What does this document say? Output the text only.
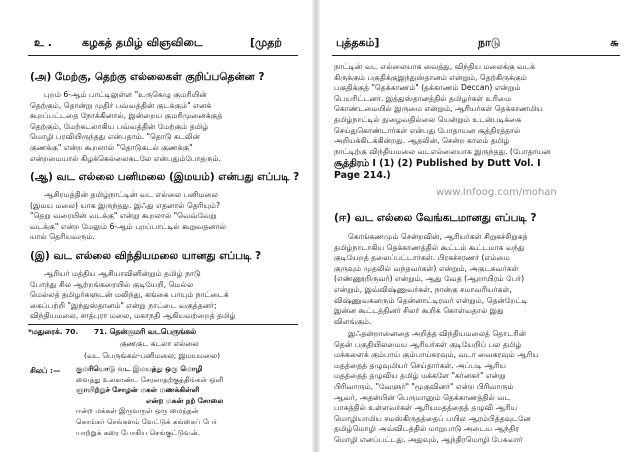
உ .	கழகத் தமிழ் விஞவிடை	[முதற்
(அ) மேற்கு, தெற்கு எல்லைகள் குறிப்பதென்ன ?
புறம் 6-ஆம் பாட்டிலுள்ள "உருகெழு குமரியின்
தெற்கும், தொன்று முதிர் பவ்வத்தின் குடக்கும்" எனக்
கூறப்பட்டதை நோக்கினால், இன்றைய குமரிமுனைக்குத்
தெற்கும், மேற்கடலாகிய பவ்வத்தின் மேற்கும் தமிழ்
மொழி பரவியிருந்தது என்பதாம். "தொடு கடலின்
குணக்கு" என்ற கூறலால் "தொடுகடல் குணக்கு"
என்றமையால் கிழக்கெல்லைகடலே என்பதும்போதரும்.
(ஆ) வட எல்லை பனிமலை (இமயம்) என்பது எப்படி ?
ஆசிரமத்தின் தமிழ்நாட்டின் வட எல்லை பனிமலை
(இமய மலை) யாக இருந்தது. இஃது எதனால் தெரியும்?
"தெறு வரையின் வடக்கு" என்று கூறலால் "வெவ்வேறு
வடக்கு" என்ற மேலும் 6-ஆம் புறப்பாட்டில் கூறுவதனால்
யால் தெரியவரும்.
(இ) வட எல்லை விந்தியமலை யானது எப்படி ?
ஆரியர் மத்திய ஆசியாவினின்றும் தமிழ் நாடு
போந்து சில ஆற்றங்கரையில் குடியேறி, மெல்ல
மெல்லத் தமிழர்களுடன் மலிந்து, கங்கை பாயும் நாட்டைக்
கைப்பற்றி "இந்துஸ்தானம்" என்று நாட்டை வகுத்தனர்;
விந்தியமலை, சாத்புரா மலை, மகாநதி ஆகியவற்றைத் தமிழ்
*மதுரைக். 70. 71. தென்குமரி வடபெருங்கல்
குணகுட கடலா எல்லை
(வட பெருங்கல்-பனிமலை; இமயமலை)
சிலப் :— குமரியொடு வட இமயத்து ஒரு மொழி
வைத்து உலகாண்ட சேரலாதற்குத்திங்கள் ஒளி
ஞாயிற்றுச் சோழன் மகள் மணக்கிள்ளி
என்ற மகன் நற் சோலை
ஈன்ற மக்கள் இருவருள் ஒரு மைந்தன்
கொங்கர் செங்களம் வேட்டுக் கங்கைப் பேர்
யாற்றுக் கரை போகிய செங்குட்டுவன்.
புத்தகம்]	நாடு	௬
நாட்டின் வட எல்லையாக வைத்து, விந்திய மலைக்கு வடக்
கிருக்கும் பகுதிக்குஇந்துஸ்தானம் என்றும், தெற்கிருக்கும்
பகுதிக்குத் "தெக்காணம்" (தக்காணம் Deccan) என்றும்
பெயரிட்டனர். இத்துஸ்தானத்தில் தமிழர்கள் உரிமை
கொண்டமையில் இருமை என்றும், ஆரியர்கள் தெக்காணமிய
தமிழ்நாட்டில் நுழைவதில்லை யென்றும் உடன்படிக்கை
செய்துகொண்டார்கள் என்பது போதாயன சூத்திரத்தால்
அறியக்கிடக்கின்றது. ஆதலின், சென்ற காலம் தமிழ்
நாட்டிற்கு விந்தியமலை வடஎல்லையாக இருந்தது. (போதாயன
சூத்திரம் I (1) (2) Published by Dutt Vol. I
Page 214.)
www.Infoog.com/mohan
(ஈ) வட எல்லை வேங்கடமானது எப்படி ?
கொங்கணமும் சென்றவின், ஆரியர்கள் சிறுகச்சிறுகத்
தமிழ்நாடாகிய தெக்காணத்தில் கூட்டம் கூட்டமாக வந்து
குடியேறத் தலைப்பட்டார்கள். பிரகச்சரணர் (எம்மை
குருவும் முதலில் வந்தவர்கள்) என்றும், அகுடசுவர்கள்
(எண்ணூறிருவர்) என்றும், ஆது வேத (ஆறாயிரம் பேர்)
என்றும், இவ்விஷ்ணுவர்கள், நான்கு சமாவரியர்கள்,
விஷ்ணுவகனரும் தென்னாட்டிரவர் என்றும், தென்றேட்டி
இன்ன கூட்டத்தினர் சிலர் கூறிக் கொள்வதால் இது
விளங்கும்.
இஃதன்றானைதை அறித்த விந்தியமலைத் தொடரின்
தென் பகுதியிலமைய ஆரியர்கள் குடியேறிப் பல தமிழ்
மக்களைக் கும்பாய் கும்பாய்கரவும், வடா வைகரவும் ஆரிய
மதத்தைத் தழுவுமியர் செய்தார்கள். அப்படி ஆரிய
மதத்தைத் தழுவிய தமிழ் மக்களே "கர்னகர்" என்று
பிரிவாரும், "வேளுர்" "மூகுவினர்" என்ற பிரிவாரும்
ஆவர், அதன்பின் பெருமானும் தெக்காணத்தில் வட
பாகத்தில் உள்ளவர்கள் ஆரியமதத்தைத் தழுவி ஆரிய
மொழியாமிய சமஸ்கிருதத்தைப் பயில ஆரம்பித்தவுடனே
தமிழ்மொழி அவ்விடத்தில் மாறுபாடு அடைய ஆந்திர
மொழி எனப்பட்டது. அதுவும், ஆந்திரமொழி பேசுவார்
